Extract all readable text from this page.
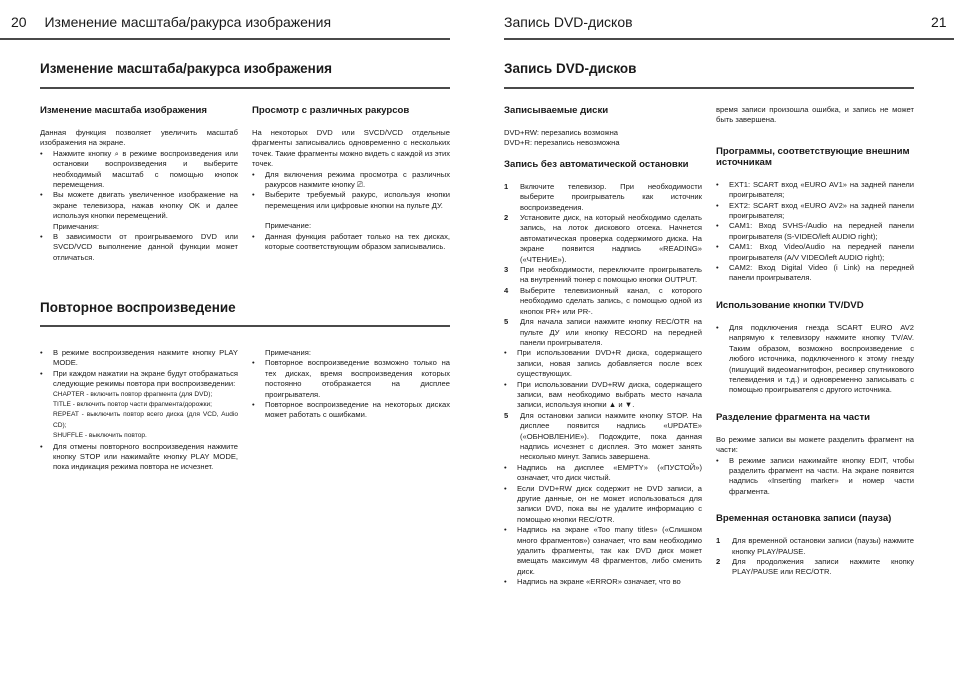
20 Изменение масштаба/ракурса изображения
Изменение масштаба/ракурса изображения
Изменение масштаба изображения

Данная функция позволяет увеличить масштаб изображения на экране.

• Нажмите кнопку ⌕ в режиме воспроизведения или остановки воспроизведения и выберите необходимый масштаб с помощью кнопок перемещения.
• Вы можете двигать увеличенное изображение на экране телевизора, нажав кнопку OK и далее используя кнопки перемещений.

Примечания:

• В зависимости от проигрываемого DVD или SVCD/VCD выполнение данной функции может отличаться.
Просмотр с различных ракурсов

На некоторых DVD или SVCD/VCD отдельные фрагменты записывались одновременно с нескольких точек. Такие фрагменты можно видеть с каждой из этих точек.

• Для включения режима просмотра с различных ракурсов нажмите кнопку ⎚.
• Выберите требуемый ракурс, используя кнопки перемещения или цифровые кнопки на пульте ДУ.

Примечание:

• Данная функция работает только на тех дисках, которые соответствующим образом записывались.
Повторное воспроизведение
• В режиме воспроизведения нажмите кнопку PLAY MODE.
• При каждом нажатии на экране будут отображаться следующие режимы повтора при воспроизведении:

CHAPTER - включить повтор фрагмента (для DVD);

TITLE - включить повтор части фрагмента/дорожки;

REPEAT - выключить повтор всего диска (для VCD, Audio CD);

SHUFFLE - выключить повтор.

• Для отмены повторного воспроизведения нажмите кнопку STOP или нажимайте кнопку PLAY MODE, пока индикация режима повтора не исчезнет.

Примечания:

• Повторное воспроизведение возможно только на тех дисках, время воспроизведения которых постоянно отображается на дисплее проигрывателя.
• Повторное воспроизведение на некоторых дисках может работать с ошибками.
Запись DVD-дисков	21
Запись DVD-дисков
Записываемые диски

DVD+RW: перезапись возможна

DVD+R: перезапись невозможна

Запись без автоматической остановки
1 Включите телевизор. При необходимости выберите проигрыватель как источник воспроизведения.
2 Установите диск, на который необходимо сделать запись, на лоток дискового отсека. Начнется автоматическая проверка содержимого диска. На экране появится надпись «READING» («ЧТЕНИЕ»).
3 При необходимости, переключите проигрыватель на внутренний тюнер с помощью кнопки OUTPUT.
4 Выберите телевизионный канал, с которого необходимо сделать запись, с помощью одной из кнопок PR+ или PR-.
5 Для начала записи нажмите кнопку REC/OTR на пульте ДУ или кнопку RECORD на передней панели проигрывателя.
• При использовании DVD+R диска, содержащего записи, новая запись добавляется после всех существующих.
• При использовании DVD+RW диска, содержащего записи, вам необходимо выбрать место начала записи, используя кнопки ▲ и ▼.
5 Для остановки записи нажмите кнопку STOP. На дисплее появится надпись «UPDATE» («ОБНОВЛЕНИЕ»). Подождите, пока данная надпись исчезнет с дисплея. Это может занять несколько минут. Запись завершена.
• Надпись на дисплее «EMPTY» («ПУСТОЙ») означает, что диск чистый.
• Если DVD+RW диск содержит не DVD записи, а другие данные, он не может использоваться для записи DVD, пока вы не удалите информацию с помощью кнопки REC/OTR.
• Надпись на экране «Too many titles» («Слишком много фрагментов») означает, что вам необходимо удалить фрагменты, так как DVD диск может вмещать максимум 48 фрагментов, либо сменить диск.
• Надпись на экране «ERROR» означает, что во

время записи произошла ошибка, и запись не может быть завершена.

Программы, соответствующие внешним источникам
• EXT1: SCART вход «EURO AV1» на задней панели проигрывателя;
• EXT2: SCART вход «EURO AV2» на задней панели проигрывателя;
• CAM1: Вход SVHS-/Audio на передней панели проигрывателя (S-VIDEO/left AUDIO right);
• CAM1: Вход Video/Audio на передней панели проигрывателя (A/V VIDEO/left AUDIO right);
• CAM2: Вход Digital Video (i Link) на передней панели проигрывателя.
Использование кнопки TV/DVD
• Для подключения гнезда SCART EURO AV2 напрямую к телевизору нажмите кнопку TV/AV. Таким образом, возможно воспроизведение с любого источника, подключенного к этому гнезду (пишущий видеомагнитофон, ресивер спутникового телевидения и т.д.) и одновременно записывать с помощью проигрывателя с другого источника.
Разделение фрагмента на части

Во режиме записи вы можете разделить фрагмент на части:

• В режиме записи нажимайте кнопку EDIT, чтобы разделить фрагмент на части. На экране появится надпись «Inserting marker» и номер части фрагмента.
Временная остановка записи (пауза)
1 Для временной остановки записи (паузы) нажмите кнопку PLAY/PAUSE.
2 Для продолжения записи нажмите кнопку PLAY/PAUSE или REC/OTR.
